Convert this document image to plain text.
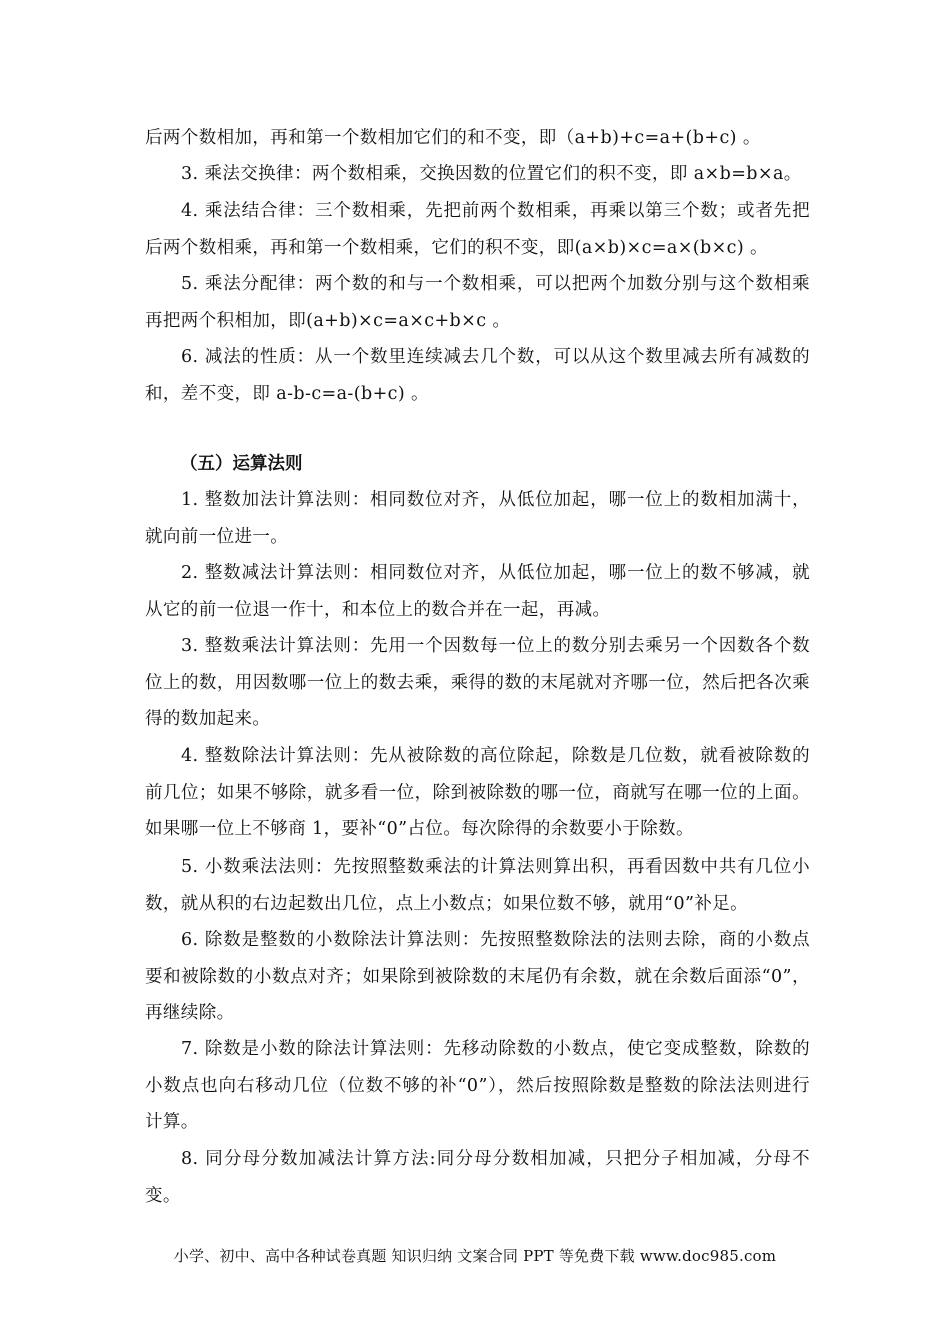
后两个数相加，再和第一个数相加它们的和不变，即（a+b)+c=a+(b+c) 。

3. 乘法交换律：两个数相乘，交换因数的位置它们的积不变，即 a×b=b×a。

4. 乘法结合律：三个数相乘，先把前两个数相乘，再乘以第三个数；或者先把后两个数相乘，再和第一个数相乘，它们的积不变，即(a×b)×c=a×(b×c) 。

5. 乘法分配律：两个数的和与一个数相乘，可以把两个加数分别与这个数相乘再把两个积相加，即(a+b)×c=a×c+b×c 。

6. 减法的性质：从一个数里连续减去几个数，可以从这个数里减去所有减数的和，差不变，即 a-b-c=a-(b+c) 。

（五）运算法则

1. 整数加法计算法则：相同数位对齐，从低位加起，哪一位上的数相加满十，就向前一位进一。

2. 整数减法计算法则：相同数位对齐，从低位加起，哪一位上的数不够减，就从它的前一位退一作十，和本位上的数合并在一起，再减。

3. 整数乘法计算法则：先用一个因数每一位上的数分别去乘另一个因数各个数位上的数，用因数哪一位上的数去乘，乘得的数的末尾就对齐哪一位，然后把各次乘得的数加起来。

4. 整数除法计算法则：先从被除数的高位除起，除数是几位数，就看被除数的前几位；如果不够除，就多看一位，除到被除数的哪一位，商就写在哪一位的上面。如果哪一位上不够商 1，要补“0”占位。每次除得的余数要小于除数。

5. 小数乘法法则：先按照整数乘法的计算法则算出积，再看因数中共有几位小数，就从积的右边起数出几位，点上小数点；如果位数不够，就用“0”补足。

6. 除数是整数的小数除法计算法则：先按照整数除法的法则去除，商的小数点要和被除数的小数点对齐；如果除到被除数的末尾仍有余数，就在余数后面添“0”，再继续除。

7. 除数是小数的除法计算法则：先移动除数的小数点，使它变成整数，除数的小数点也向右移动几位（位数不够的补“0”），然后按照除数是整数的除法法则进行计算。

8. 同分母分数加减法计算方法:同分母分数相加减，只把分子相加减，分母不变。

小学、初中、高中各种试卷真题 知识归纳 文案合同 PPT 等免费下载 www.doc985.com
